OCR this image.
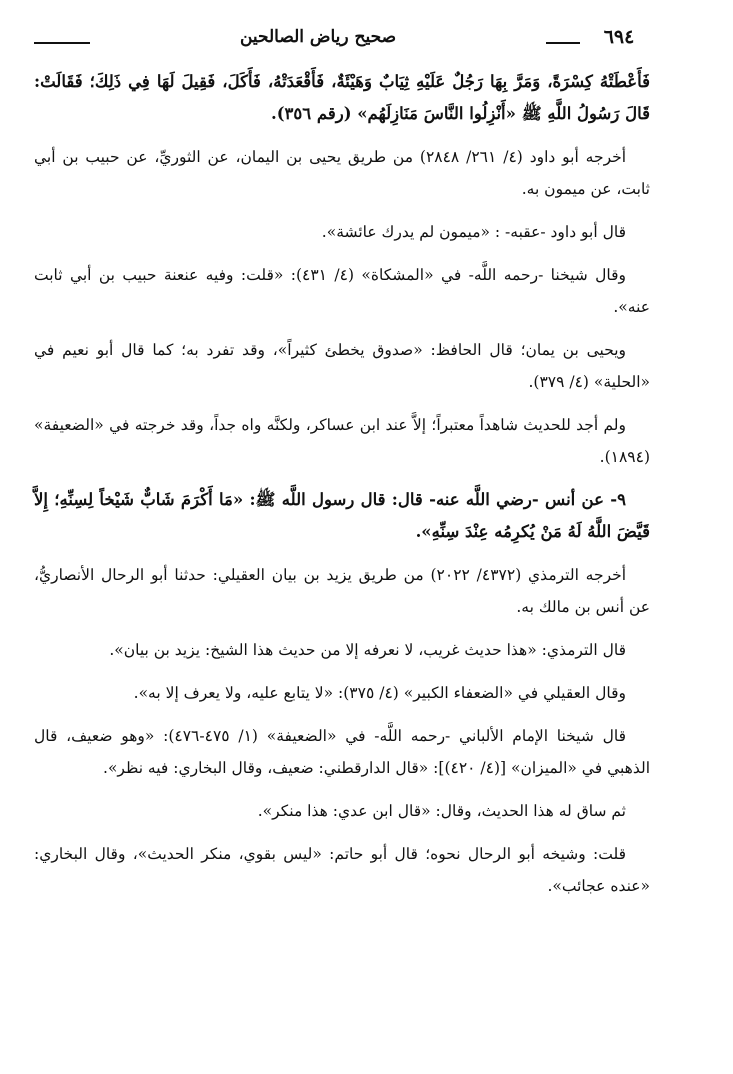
٦٩٤
صحيح رياض الصالحين

فَأَعْطَتْهُ كِسْرَةً، وَمَرَّ بِهَا رَجُلٌ عَلَيْهِ ثِيَابٌ وَهَيْئَةٌ، فَأَقْعَدَتْهُ، فَأَكَلَ، فَقِيلَ لَهَا فِي ذَلِكَ؛ فَقَالَتْ: قَالَ رَسُولُ اللَّهِ ﷺ «أَنْزِلُوا النَّاسَ مَنَازِلَهُم» (رقم ٣٥٦).

أخرجه أبو داود (٤/ ٢٦١/ ٢٨٤٨) من طريق يحيى بن اليمان، عن الثوريِّ، عن حبيب بن أبي ثابت، عن ميمون به.

قال أبو داود -عقبه- : «ميمون لم يدرك عائشة».

وقال شيخنا -رحمه اللَّه- في «المشكاة» (٤/ ٤٣١): «قلت: وفيه عنعنة حبيب بن أبي ثابت عنه».

ويحيى بن يمان؛ قال الحافظ: «صدوق يخطئ كثيراً»، وقد تفرد به؛ كما قال أبو نعيم في «الحلية» (٤/ ٣٧٩).

ولم أجد للحديث شاهداً معتبراً؛ إلاَّ عند ابن عساكر، ولكنَّه واه جداً، وقد خرجته في «الضعيفة» (١٨٩٤).

٩- عن أنس -رضي اللَّه عنه- قال: قال رسول اللَّه ﷺ: «مَا أَكْرَمَ شَابٌّ شَيْخاً لِسِنِّهِ؛ إِلاَّ قَيَّضَ اللَّهُ لَهُ مَنْ يُكرِمُه عِنْدَ سِنِّهِ».

أخرجه الترمذي (٤٣٧٢/ ٢٠٢٢) من طريق يزيد بن بيان العقيلي: حدثنا أبو الرحال الأنصاريُّ، عن أنس بن مالك به.

قال الترمذي: «هذا حديث غريب، لا نعرفه إلا من حديث هذا الشيخ: يزيد بن بيان».

وقال العقيلي في «الضعفاء الكبير» (٤/ ٣٧٥): «لا يتابع عليه، ولا يعرف إلا به».

قال شيخنا الإمام الألباني -رحمه اللَّه- في «الضعيفة» (١/ ٤٧٥-٤٧٦): «وهو ضعيف، قال الذهبي في «الميزان» [(٤/ ٤٢٠)]: «قال الدارقطني: ضعيف، وقال البخاري: فيه نظر».

ثم ساق له هذا الحديث، وقال: «قال ابن عدي: هذا منكر».

قلت: وشيخه أبو الرحال نحوه؛ قال أبو حاتم: «ليس بقوي، منكر الحديث»، وقال البخاري: «عنده عجائب».
